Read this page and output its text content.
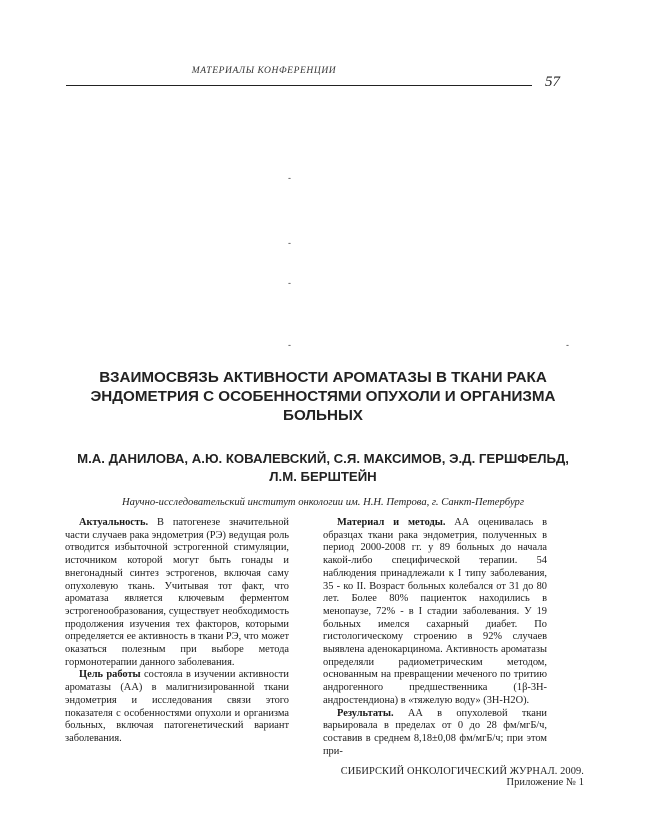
МАТЕРИАЛЫ КОНФЕРЕНЦИИ
57
-
-
-
-	-
ВЗАИМОСВЯЗЬ АКТИВНОСТИ АРОМАТАЗЫ В ТКАНИ РАКА
ЭНДОМЕТРИЯ С ОСОБЕННОСТЯМИ ОПУХОЛИ И ОРГАНИЗМА
БОЛЬНЫХ
М.А. ДАНИЛОВА, А.Ю. КОВАЛЕВСКИЙ, С.Я. МАКСИМОВ, Э.Д. ГЕРШФЕЛЬД,
Л.М. БЕРШТЕЙН
Научно-исследовательский институт онкологии им. Н.Н. Петрова, г. Санкт-Петербург

Актуальность. В патогенезе значительной части случаев рака эндометрия (РЭ) ведущая роль отводится избыточной эстрогенной стимуляции, источником которой могут быть гонады и внегонадный синтез эстрогенов, включая саму опухолевую ткань. Учитывая тот факт, что ароматаза является ключевым ферментом эстрогенообразования, существует необходимость продолжения изучения тех факторов, которыми определяется ее активность в ткани РЭ, что может оказаться полезным при выборе метода гормонотерапии данного заболевания.

Цель работы состояла в изучении активности ароматазы (АА) в малигнизированной ткани эндометрия и исследования связи этого показателя с особенностями опухоли и организма больных, включая патогенетический вариант заболевания.

Материал и методы. АА оценивалась в образцах ткани рака эндометрия, полученных в период 2000-2008 гг. у 89 больных до начала какой-либо специфической терапии. 54 наблюдения принадлежали к I типу заболевания, 35 - ко II. Возраст больных колебался от 31 до 80 лет. Более 80% пациенток находились в менопаузе, 72% - в I стадии заболевания. У 19 больных имелся сахарный диабет. По гистологическому строению в 92% случаев выявлена аденокарцинома. Активность ароматазы определяли радиометрическим методом, основанным на превращении меченого по тритию андрогенного предшественника (1β-3Н-андростендиона) в «тяжелую воду» (3Н-Н2О).

Результаты. АА в опухолевой ткани варьировала в пределах от 0 до 28 фм/мгБ/ч, составив в среднем 8,18±0,08 фм/мгБ/ч; при этом при-

СИБИРСКИЙ ОНКОЛОГИЧЕСКИЙ ЖУРНАЛ. 2009. Приложение № 1
